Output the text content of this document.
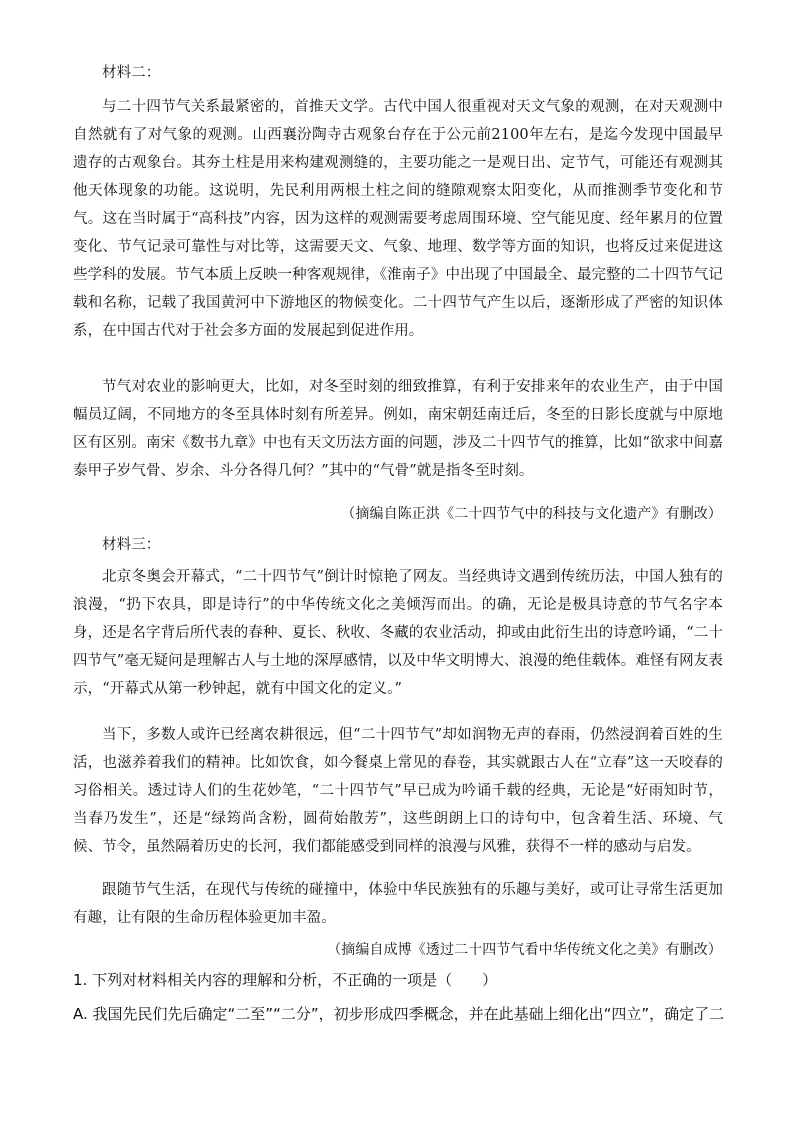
材料二：

与二十四节气关系最紧密的，首推天文学。古代中国人很重视对天文气象的观测，在对天观测中自然就有了对气象的观测。山西襄汾陶寺古观象台存在于公元前2100年左右，是迄今发现中国最早遗存的古观象台。其夯土柱是用来构建观测缝的，主要功能之一是观日出、定节气，可能还有观测其他天体现象的功能。这说明，先民利用两根土柱之间的缝隙观察太阳变化，从而推测季节变化和节气。这在当时属于“高科技”内容，因为这样的观测需要考虑周围环境、空气能见度、经年累月的位置变化、节气记录可靠性与对比等，这需要天文、气象、地理、数学等方面的知识，也将反过来促进这些学科的发展。节气本质上反映一种客观规律，《淮南子》中出现了中国最全、最完整的二十四节气记载和名称，记载了我国黄河中下游地区的物候变化。二十四节气产生以后，逐渐形成了严密的知识体系，在中国古代对于社会多方面的发展起到促进作用。

节气对农业的影响更大，比如，对冬至时刻的细致推算，有利于安排来年的农业生产，由于中国幅员辽阔，不同地方的冬至具体时刻有所差异。例如，南宋朝廷南迁后，冬至的日影长度就与中原地区有区别。南宋《数书九章》中也有天文历法方面的问题，涉及二十四节气的推算，比如“欲求中间嘉泰甲子岁气骨、岁余、斗分各得几何？”其中的“气骨”就是指冬至时刻。

（摘编自陈正洪《二十四节气中的科技与文化遗产》有删改）
材料三：

北京冬奥会开幕式，“二十四节气”倒计时惊艳了网友。当经典诗文遇到传统历法，中国人独有的浪漫，“扔下农具，即是诗行”的中华传统文化之美倾泻而出。的确，无论是极具诗意的节气名字本身，还是名字背后所代表的春种、夏长、秋收、冬藏的农业活动，抑或由此衍生出的诗意吟诵，“二十四节气”毫无疑问是理解古人与土地的深厚感情，以及中华文明博大、浪漫的绝佳载体。难怪有网友表示，“开幕式从第一秒钟起，就有中国文化的定义。”

当下，多数人或许已经离农耕很远，但“二十四节气”却如润物无声的春雨，仍然浸润着百姓的生活，也滋养着我们的精神。比如饮食，如今餐桌上常见的春卷，其实就跟古人在“立春”这一天咬春的习俗相关。透过诗人们的生花妙笔，“二十四节气”早已成为吟诵千载的经典，无论是“好雨知时节，当春乃发生”，还是“绿筠尚含粉，圆荷始散芳”，这些朗朗上口的诗句中，包含着生活、环境、气候、节令，虽然隔着历史的长河，我们都能感受到同样的浪漫与风雅，获得不一样的感动与启发。

跟随节气生活，在现代与传统的碰撞中，体验中华民族独有的乐趣与美好，或可让寻常生活更加有趣，让有限的生命历程体验更加丰盈。

（摘编自成博《透过二十四节气看中华传统文化之美》有删改）
1. 下列对材料相关内容的理解和分析，不正确的一项是（　　）
A. 我国先民们先后确定“二至”“二分”，初步形成四季概念，并在此基础上细化出“四立”，确定了二
